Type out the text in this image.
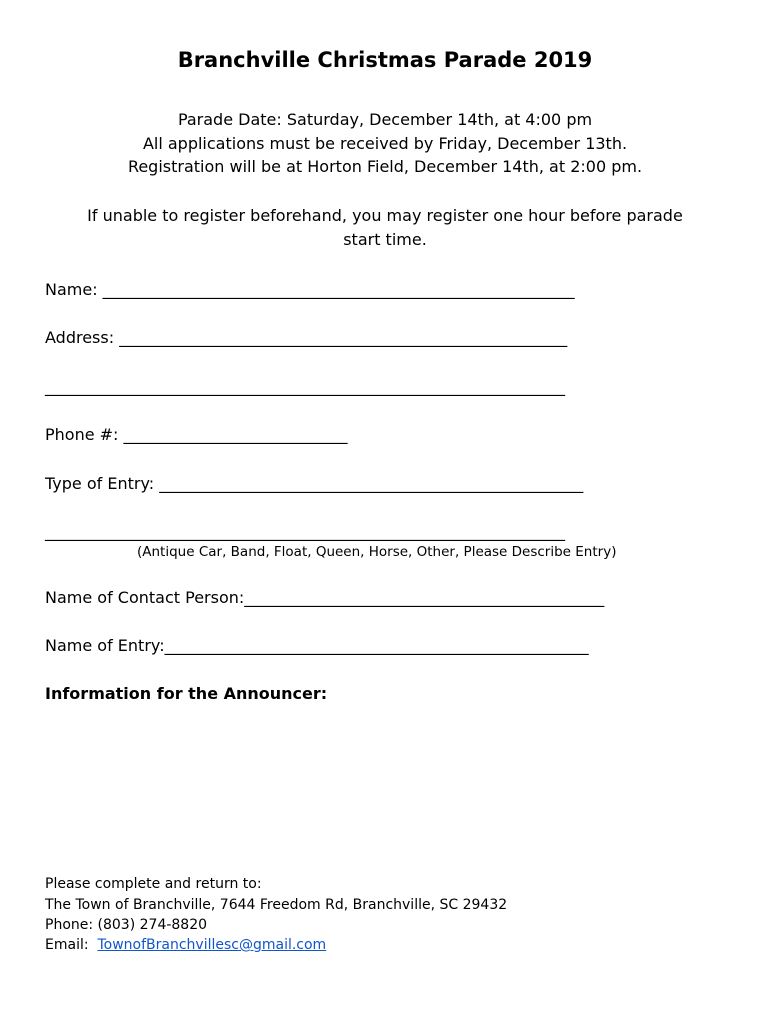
Branchville Christmas Parade 2019
Parade Date: Saturday, December 14th, at 4:00 pm
All applications must be received by Friday, December 13th.
Registration will be at Horton Field, December 14th, at 2:00 pm.
If unable to register beforehand, you may register one hour before parade
start time.
Name: ___________________________________________________________
Address: ________________________________________________________
_________________________________________________________________
Phone #: ____________________________
Type of Entry: _____________________________________________________
_________________________________________________________________
(Antique Car, Band, Float, Queen, Horse, Other, Please Describe Entry)
Name of Contact Person:_____________________________________________
Name of Entry:_____________________________________________________
Information for the Announcer:
Please complete and return to:
The Town of Branchville, 7644 Freedom Rd, Branchville, SC 29432
Phone: (803) 274-8820
Email:  TownofBranchvillesc@gmail.com
